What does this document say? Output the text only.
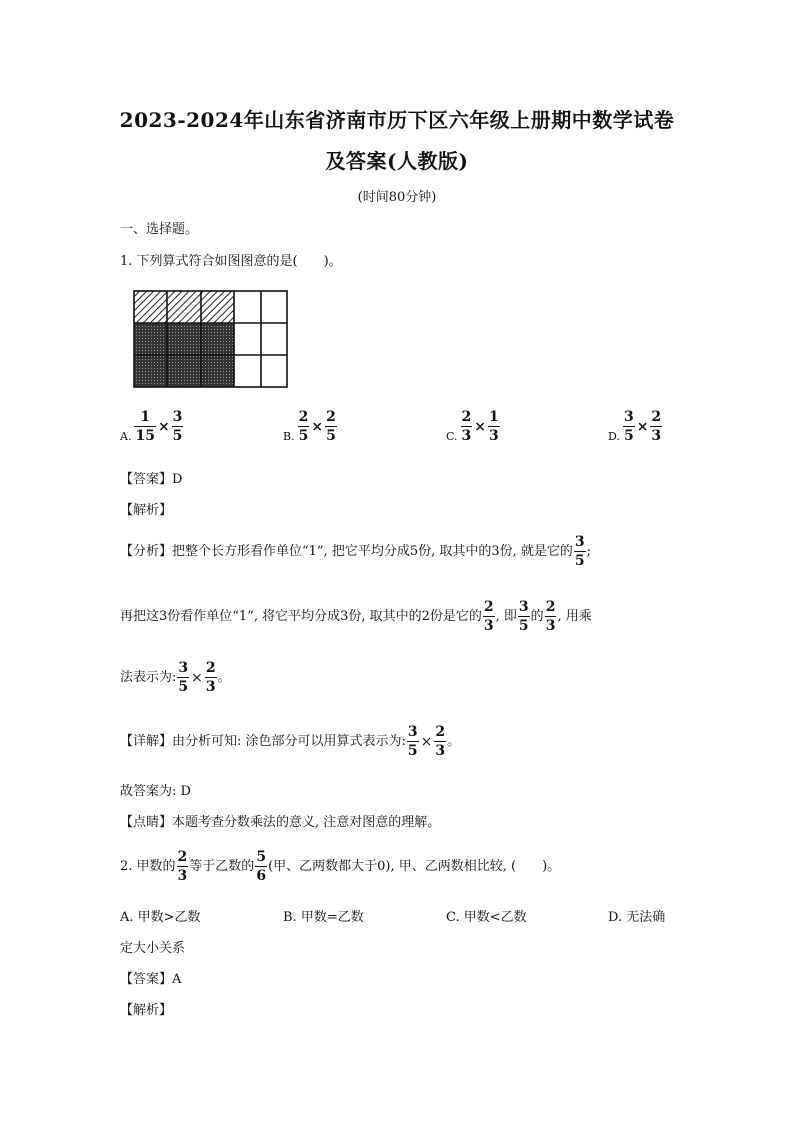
2023-2024年山东省济南市历下区六年级上册期中数学试卷
及答案(人教版)
(时间80分钟)
一、选择题。
1. 下列算式符合如图图意的是(　　)。
A. $\frac{1}{15} \times \frac{3}{5}$	B. $\frac{2}{5} \times \frac{2}{5}$	C. $\frac{2}{3} \times \frac{1}{3}$	D. $\frac{3}{5} \times \frac{2}{3}$
【答案】D
【解析】
【分析】把整个长方形看作单位“1”, 把它平均分成5份, 取其中的3份, 就是它的 $\frac{3}{5}$ ;
再把这3份看作单位“1”, 将它平均分成3份, 取其中的2份是它的 $\frac{2}{3}$ , 即 $\frac{3}{5}$ 的 $\frac{2}{3}$ , 用乘
法表示为: $\frac{3}{5} \times \frac{2}{3}$ 。
【详解】由分析可知: 涂色部分可以用算式表示为: $\frac{3}{5} \times \frac{2}{3}$ 。
故答案为: D
【点睛】本题考查分数乘法的意义, 注意对图意的理解。
2. 甲数的 $\frac{2}{3}$ 等于乙数的 $\frac{5}{6}$ (甲、乙两数都大于0), 甲、乙两数相比较, (　　)。
A. 甲数>乙数	B. 甲数=乙数	C. 甲数<乙数	D. 无法确
定大小关系
【答案】A
【解析】
